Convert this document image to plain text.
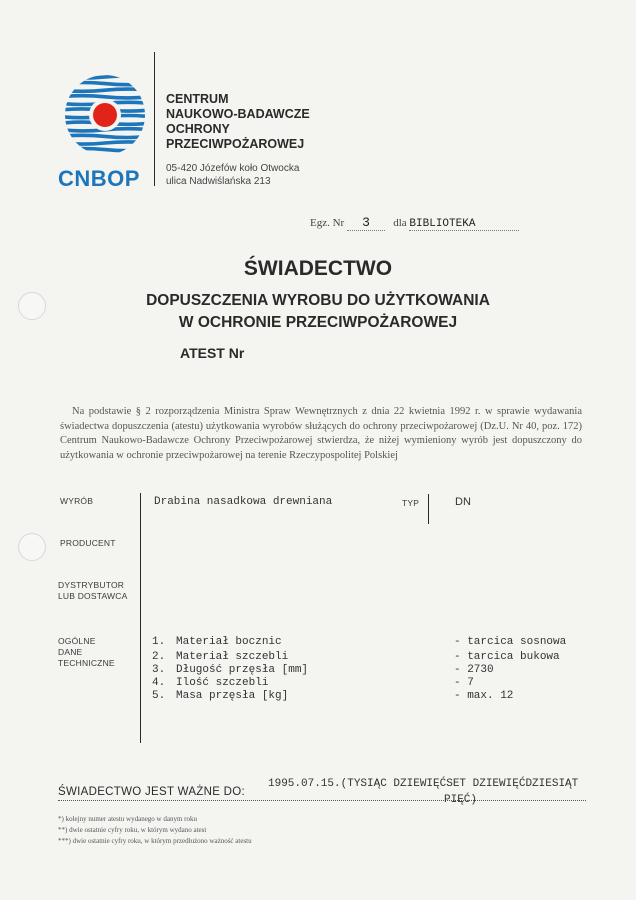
CNBOP
CENTRUM
NAUKOWO-BADAWCZE
OCHRONY
PRZECIWPOŻAROWEJ
05-420 Józefów koło Otwocka
ulica Nadwiślańska 213
Egz. Nr 3 dla BIBLIOTEKA
ŚWIADECTWO
DOPUSZCZENIA WYROBU DO UŻYTKOWANIA
W OCHRONIE PRZECIWPOŻAROWEJ
ATEST Nr
Na podstawie § 2 rozporządzenia Ministra Spraw Wewnętrznych z dnia 22 kwietnia 1992 r. w sprawie wydawania świadectwa dopuszczenia (atestu) użytkowania wyrobów służących do ochrony przeciwpożarowej (Dz.U. Nr 40, poz. 172) Centrum Naukowo-Badawcze Ochrony Przeciwpożarowej stwierdza, że niżej wymieniony wyrób jest dopuszczony do użytkowania w ochronie przeciwpożarowej na terenie Rzeczypospolitej Polskiej
WYRÓB	Drabina nasadkowa drewniana	TYP	DN
PRODUCENT
DYSTRYBUTOR
LUB DOSTAWCA
OGÓLNE
DANE
TECHNICZNE
1. Materiał bocznic	- tarcica sosnowa
2. Materiał szczebli	- tarcica bukowa
3. Długość przęsła [mm]	- 2730
4. Ilość szczebli	- 7
5. Masa przęsła [kg]	- max. 12
ŚWIADECTWO JEST WAŻNE DO:
1995.07.15.(TYSIĄC DZIEWIĘĆSET DZIEWIĘĆDZIESIĄT
PIĘĆ)
*) kolejny numer atestu wydanego w danym roku
**) dwie ostatnie cyfry roku, w którym wydano atest
***) dwie ostatnie cyfry roku, w którym przedłużono ważność atestu
